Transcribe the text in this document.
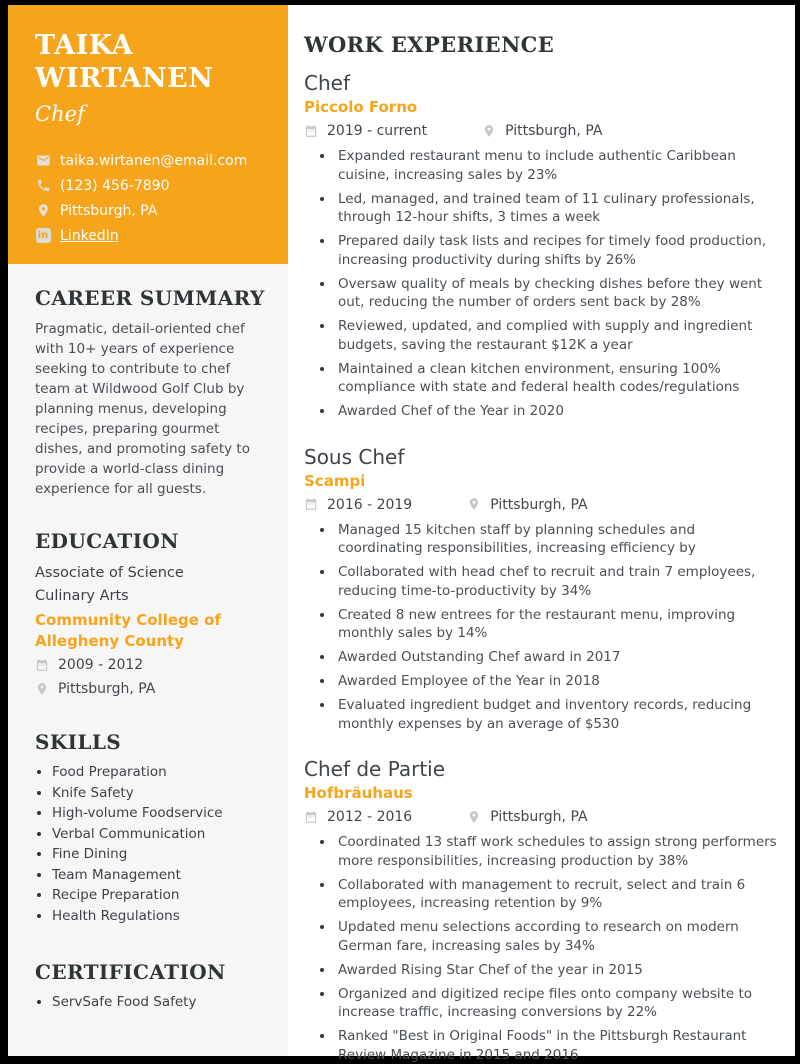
TAIKA WIRTANEN
Chef
taika.wirtanen@email.com
(123) 456-7890
Pittsburgh, PA
in LinkedIn
CAREER SUMMARY

Pragmatic, detail-oriented chef with 10+ years of experience seeking to contribute to chef team at Wildwood Golf Club by planning menus, developing recipes, preparing gourmet dishes, and promoting safety to provide a world-class dining experience for all guests.

EDUCATION
Associate of Science
Culinary Arts
Community College of Allegheny County
2009 - 2012
Pittsburgh, PA
SKILLS
• Food Preparation
• Knife Safety
• High-volume Foodservice
• Verbal Communication
• Fine Dining
• Team Management
• Recipe Preparation
• Health Regulations
CERTIFICATION
• ServSafe Food Safety
WORK EXPERIENCE
Chef
Piccolo Forno
2019 - current	Pittsburgh, PA
• Expanded restaurant menu to include authentic Caribbean cuisine, increasing sales by 23%
• Led, managed, and trained team of 11 culinary professionals, through 12-hour shifts, 3 times a week
• Prepared daily task lists and recipes for timely food production, increasing productivity during shifts by 26%
• Oversaw quality of meals by checking dishes before they went out, reducing the number of orders sent back by 28%
• Reviewed, updated, and complied with supply and ingredient budgets, saving the restaurant $12K a year
• Maintained a clean kitchen environment, ensuring 100% compliance with state and federal health codes/regulations
• Awarded Chef of the Year in 2020
Sous Chef
Scampi
2016 - 2019	Pittsburgh, PA
• Managed 15 kitchen staff by planning schedules and coordinating responsibilities, increasing efficiency by
• Collaborated with head chef to recruit and train 7 employees, reducing time-to-productivity by 34%
• Created 8 new entrees for the restaurant menu, improving monthly sales by 14%
• Awarded Outstanding Chef award in 2017
• Awarded Employee of the Year in 2018
• Evaluated ingredient budget and inventory records, reducing monthly expenses by an average of $530
Chef de Partie
Hofbräuhaus
2012 - 2016	Pittsburgh, PA
• Coordinated 13 staff work schedules to assign strong performers more responsibilities, increasing production by 38%
• Collaborated with management to recruit, select and train 6 employees, increasing retention by 9%
• Updated menu selections according to research on modern German fare, increasing sales by 34%
• Awarded Rising Star Chef of the year in 2015
• Organized and digitized recipe files onto company website to increase traffic, increasing conversions by 22%
• Ranked "Best in Original Foods" in the Pittsburgh Restaurant Review Magazine in 2015 and 2016
